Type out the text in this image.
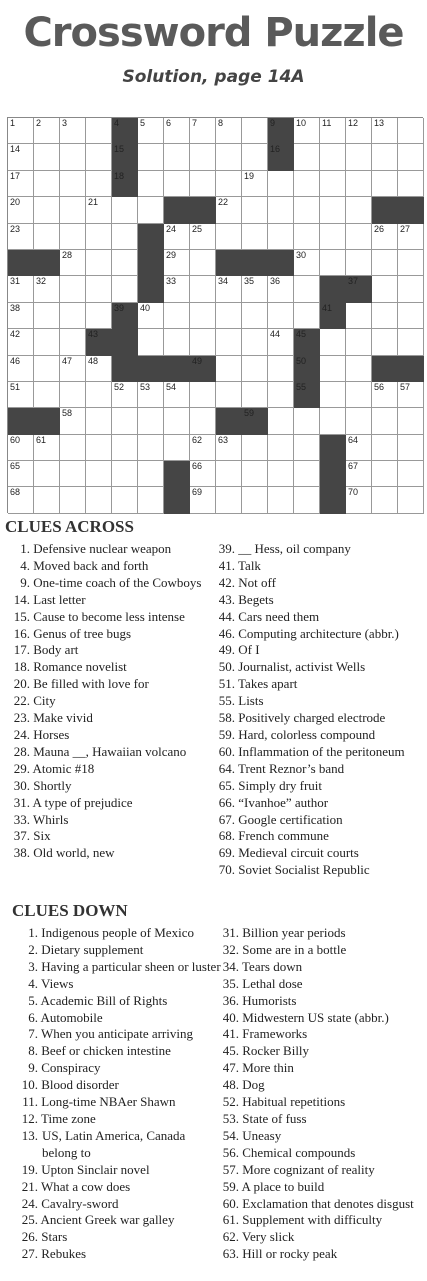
Crossword Puzzle
Solution, page 14A
1 2 3	4 5 6 7 8	9 10 11 12 13
14	15	16
17	18	19
20	21	22
23	24 25	26 27
28	29	30
31 32	33	34 35 36	37
38	39 40	41
42	43	44 45
46	47 48	49	50
51	52 53 54	55	56 57
58	59
60 61	62 63	64
65	66	67
68	69	70
CLUES ACROSS
1. Defensive nuclear weapon
4. Moved back and forth
9. One-time coach of the Cowboys
14. Last letter
15. Cause to become less intense
16. Genus of tree bugs
17. Body art
18. Romance novelist
20. Be filled with love for
22. City
23. Make vivid
24. Horses
28. Mauna __, Hawaiian volcano
29. Atomic #18
30. Shortly
31. A type of prejudice
33. Whirls
37. Six
38. Old world, new
39. __ Hess, oil company
41. Talk
42. Not off
43. Begets
44. Cars need them
46. Computing architecture (abbr.)
49. Of I
50. Journalist, activist Wells
51. Takes apart
55. Lists
58. Positively charged electrode
59. Hard, colorless compound
60. Inflammation of the peritoneum
64. Trent Reznor’s band
65. Simply dry fruit
66. “Ivanhoe” author
67. Google certification
68. French commune
69. Medieval circuit courts
70. Soviet Socialist Republic
CLUES DOWN
1. Indigenous people of Mexico
2. Dietary supplement
3. Having a particular sheen or luster
4. Views
5. Academic Bill of Rights
6. Automobile
7. When you anticipate arriving
8. Beef or chicken intestine
9. Conspiracy
10. Blood disorder
11. Long-time NBAer Shawn
12. Time zone
13. US, Latin America, Canada belong to
19. Upton Sinclair novel
21. What a cow does
24. Cavalry-sword
25. Ancient Greek war galley
26. Stars
27. Rebukes
31. Billion year periods
32. Some are in a bottle
34. Tears down
35. Lethal dose
36. Humorists
40. Midwestern US state (abbr.)
41. Frameworks
45. Rocker Billy
47. More thin
48. Dog
52. Habitual repetitions
53. State of fuss
54. Uneasy
56. Chemical compounds
57. More cognizant of reality
59. A place to build
60. Exclamation that denotes disgust
61. Supplement with difficulty
62. Very slick
63. Hill or rocky peak
